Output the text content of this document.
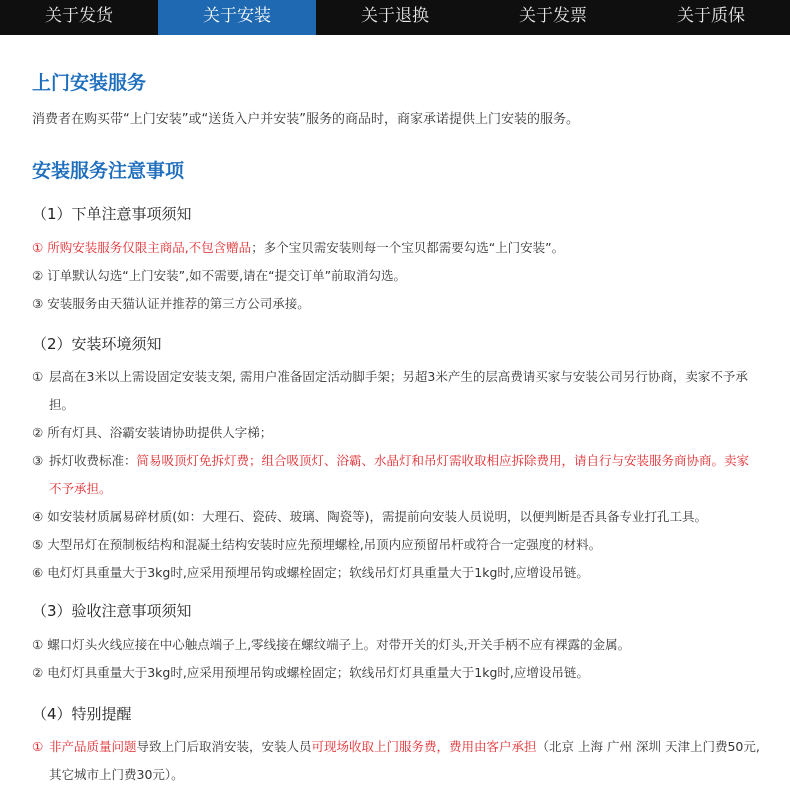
关于发货	关于安装	关于退换	关于发票	关于质保
上门安装服务
消费者在购买带“上门安装”或“送货入户并安装”服务的商品时，商家承诺提供上门安装的服务。
安装服务注意事项
（1）下单注意事项须知
① 所购安装服务仅限主商品,不包含赠品；多个宝贝需安装则每一个宝贝都需要勾选“上门安装”。
② 订单默认勾选“上门安装”,如不需要,请在“提交订单”前取消勾选。
③ 安装服务由天猫认证并推荐的第三方公司承接。
（2）安装环境须知
① 层高在3米以上需设固定安装支架, 需用户准备固定活动脚手架；另超3米产生的层高费请买家与安装公司另行协商，卖家不予承担。
② 所有灯具、浴霸安装请协助提供人字梯；
③ 拆灯收费标准：简易吸顶灯免拆灯费；组合吸顶灯、浴霸、水晶灯和吊灯需收取相应拆除费用，请自行与安装服务商协商。卖家不予承担。
④ 如安装材质属易碎材质(如：大理石、瓷砖、玻璃、陶瓷等)，需提前向安装人员说明，以便判断是否具备专业打孔工具。
⑤ 大型吊灯在预制板结构和混凝土结构安装时应先预埋螺栓,吊顶内应预留吊杆或符合一定强度的材料。
⑥ 电灯灯具重量大于3kg时,应采用预埋吊钩或螺栓固定；软线吊灯灯具重量大于1kg时,应增设吊链。
（3）验收注意事项须知
① 螺口灯头火线应接在中心触点端子上,零线接在螺纹端子上。对带开关的灯头,开关手柄不应有裸露的金属。
② 电灯灯具重量大于3kg时,应采用预埋吊钩或螺栓固定；软线吊灯灯具重量大于1kg时,应增设吊链。
（4）特别提醒
① 非产品质量问题导致上门后取消安装，安装人员可现场收取上门服务费，费用由客户承担（北京 上海 广州 深圳 天津上门费50元,其它城市上门费30元）。
